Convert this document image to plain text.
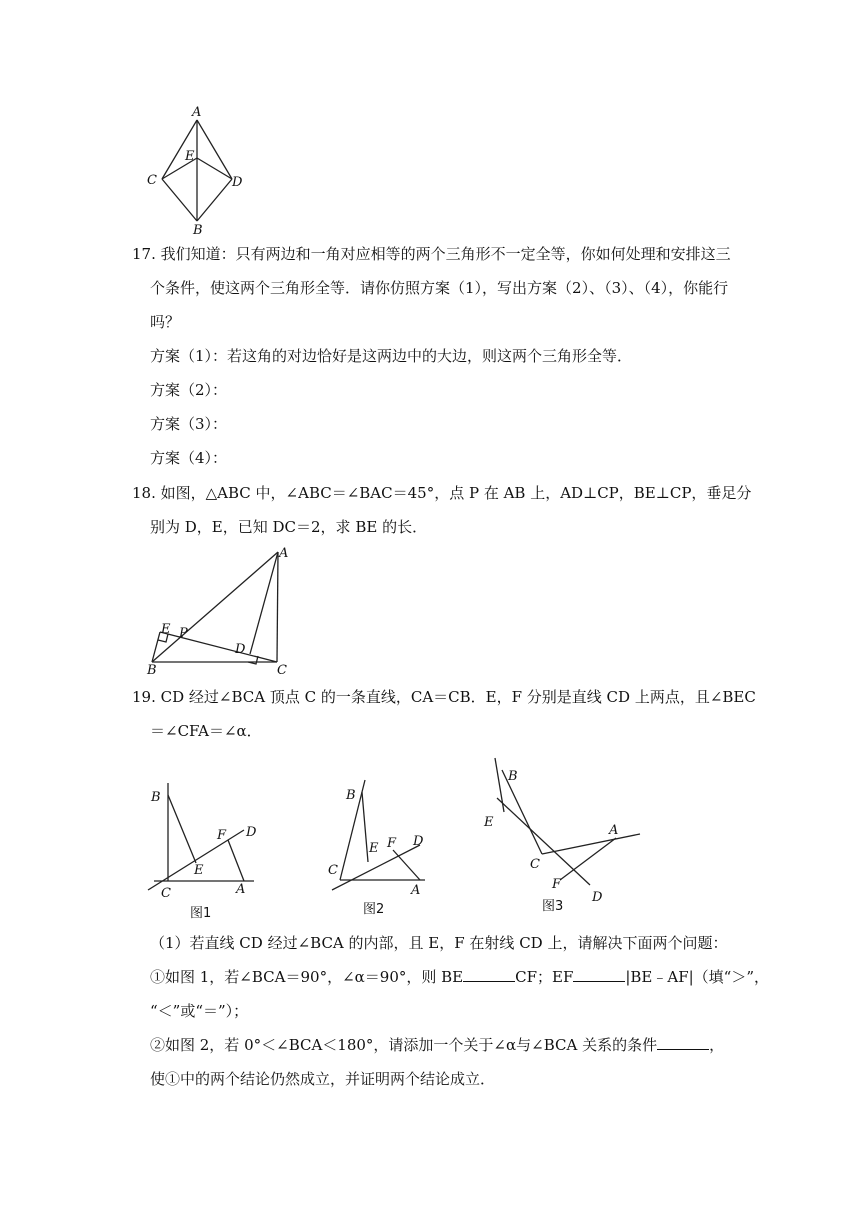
A
E
C	D
B
17. 我们知道：只有两边和一角对应相等的两个三角形不一定全等，你如何处理和安排这三
个条件，使这两个三角形全等．请你仿照方案（1），写出方案（2）、（3）、（4），你能行
吗？
方案（1）：若这角的对边恰好是这两边中的大边，则这两个三角形全等．
方案（2）：
方案（3）：
方案（4）：
18. 如图，△ABC 中，∠ABC＝∠BAC＝45°，点 P 在 AB 上，AD⊥CP，BE⊥CP，垂足分
别为 D，E，已知 DC＝2，求 BE 的长．
A
E P
D
B	C
19. CD 经过∠BCA 顶点 C 的一条直线，CA＝CB．E，F 分别是直线 CD 上两点，且∠BEC
＝∠CFA＝∠α．
B
C
E
F D
A
图1
B
C
E F D
A
图2
B
E
C
A
F
D
图3
（1）若直线 CD 经过∠BCA 的内部，且 E，F 在射线 CD 上，请解决下面两个问题：
①如图 1，若∠BCA＝90°，∠α＝90°，则 BE	CF；EF	|BE﹣AF|（填“＞”，
“＜”或“＝”）；
②如图 2，若 0°＜∠BCA＜180°，请添加一个关于∠α与∠BCA 关系的条件	，
使①中的两个结论仍然成立，并证明两个结论成立．
